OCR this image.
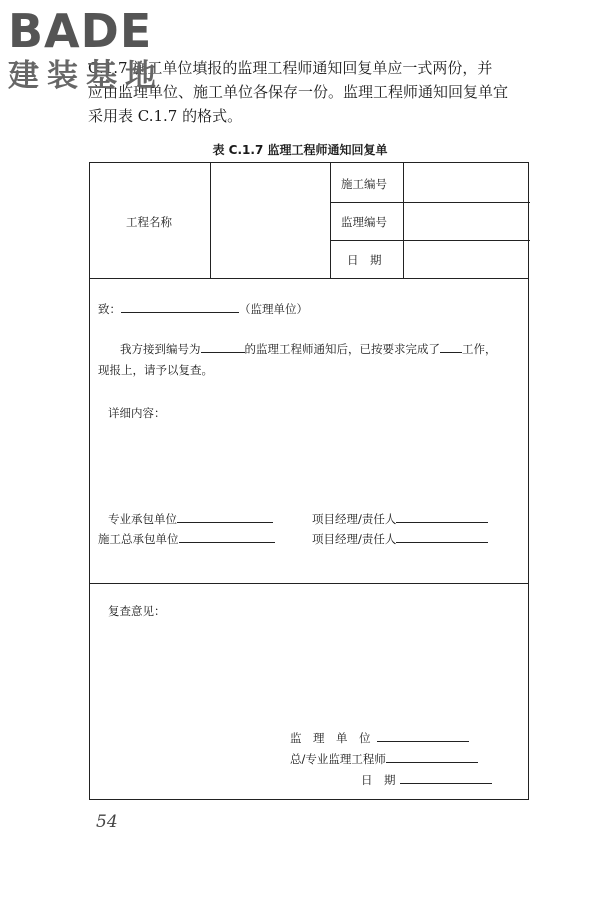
BADE
建装基地

C.1.7 施工单位填报的监理工程师通知回复单应一式两份，并

应由监理单位、施工单位各保存一份。监理工程师通知回复单宜

采用表 C.1.7 的格式。

表 C.1.7 监理工程师通知回复单
工程名称
施工编号
监理编号
日　期
致：	（监理单位）
我方接到编号为	的监理工程师通知后，已按要求完成了 工作，
现报上，请予以复查。
详细内容：
专业承包单位
施工总承包单位
项目经理/责任人
项目经理/责任人
复查意见：
监　理　单　位
总/专业监理工程师
日　期
54
